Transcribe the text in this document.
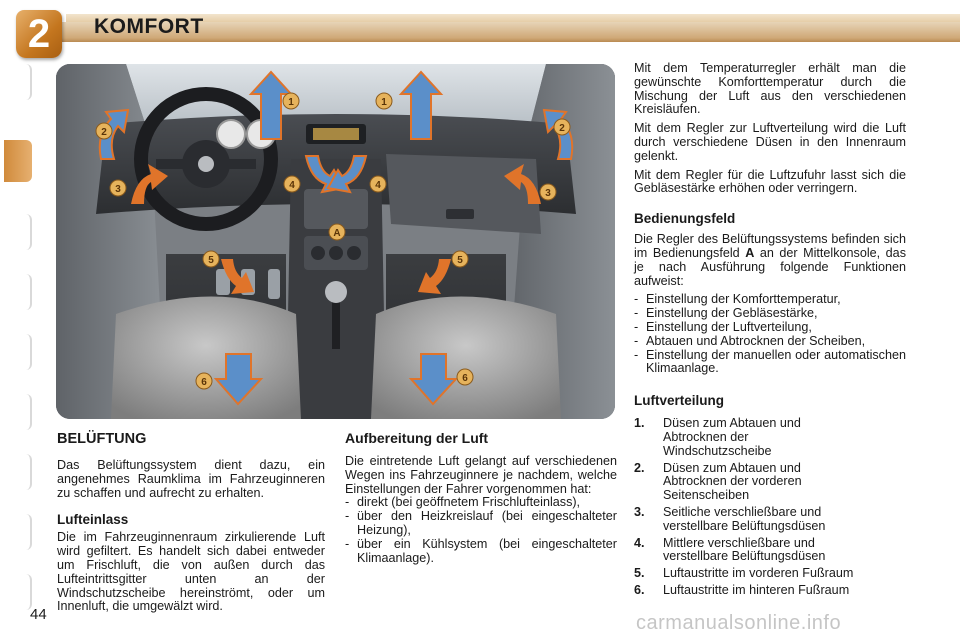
2	KOMFORT
1	1
2	2
3	3
4	4
A
5	5
6	6
BELÜFTUNG

Das Belüftungssystem dient dazu, ein angenehmes Raumklima im Fahrzeuginneren zu schaffen und aufrecht zu erhalten.

Lufteinlass

Die im Fahrzeuginnenraum zirkulierende Luft wird gefiltert. Es handelt sich dabei entweder um Frischluft, die von außen durch das Lufteintrittsgitter unten an der Windschutzscheibe hereinströmt, oder um Innenluft, die umgewälzt wird.

Aufbereitung der Luft

Die eintretende Luft gelangt auf verschiedenen Wegen ins Fahrzeuginnere je nachdem, welche Einstellungen der Fahrer vorgenommen hat:

- direkt (bei geöffnetem Frischlufteinlass),
- über den Heizkreislauf (bei eingeschalteter Heizung),
- über ein Kühlsystem (bei eingeschalteter Klimaanlage).

Mit dem Temperaturregler erhält man die gewünschte Komforttemperatur durch die Mischung der Luft aus den verschiedenen Kreisläufen.

Mit dem Regler zur Luftverteilung wird die Luft durch verschiedene Düsen in den Innenraum gelenkt.

Mit dem Regler für die Luftzufuhr lasst sich die Gebläsestärke erhöhen oder verringern.

Bedienungsfeld

Die Regler des Belüftungssystems befinden sich im Bedienungsfeld A an der Mittelkonsole, das je nach Ausführung folgende Funktionen aufweist:

- Einstellung der Komforttemperatur,
- Einstellung der Gebläsestärke,
- Einstellung der Luftverteilung,
- Abtauen und Abtrocknen der Scheiben,
- Einstellung der manuellen oder automatischen Klimaanlage.
Luftverteilung
1.	Düsen zum Abtauen und Abtrocknen der Windschutzscheibe
2.	Düsen zum Abtauen und Abtrocknen der vorderen Seitenscheiben
3.	Seitliche verschließbare und verstellbare Belüftungsdüsen
4.	Mittlere verschließbare und verstellbare Belüftungsdüsen
5.	Luftaustritte im vorderen Fußraum
6.	Luftaustritte im hinteren Fußraum
44	carmanualsonline.info
